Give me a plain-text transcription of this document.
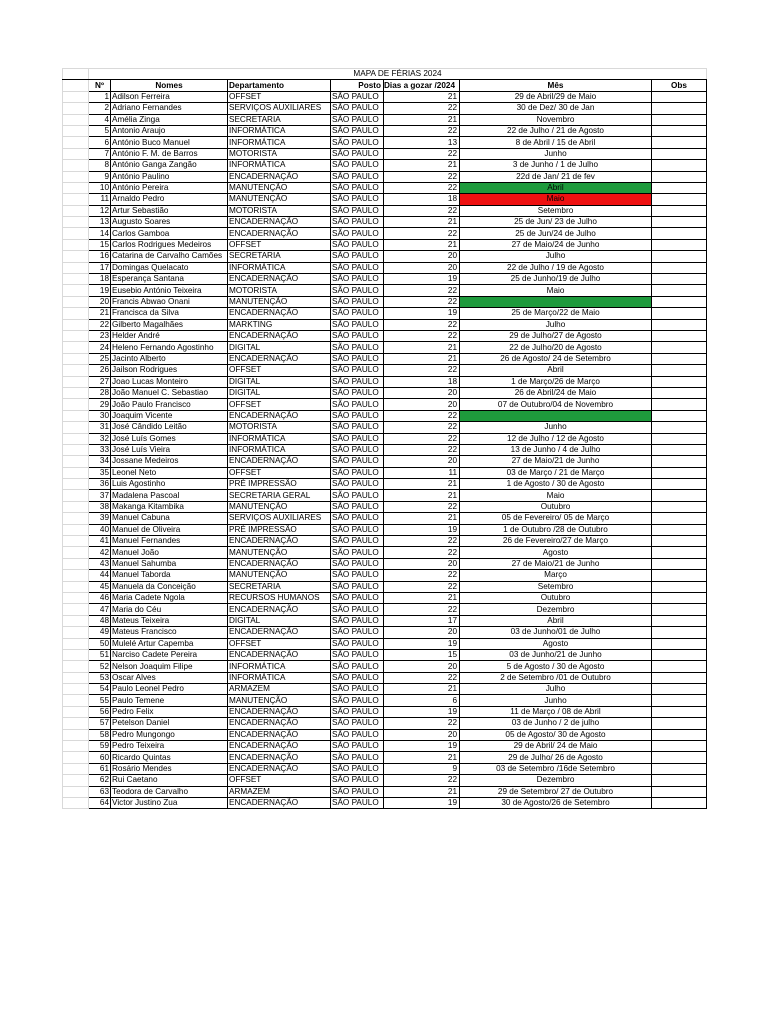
	MAPA DE FÉRIAS 2024						
	Nº	Nomes	Departamento	Posto	Dias a gozar /2024	Mês	Obs
	1	Adilson Ferreira	OFFSET	SÃO PAULO	21	29 de Abril/29 de Maio	
	2	Adriano Fernandes	SERVIÇOS AUXILIARES	SÃO PAULO	22	30 de Dez/ 30 de Jan	
	4	Amélia Zinga	SECRETARIA	SÃO PAULO	21	Novembro	
	5	Antonio Araujo	INFORMÁTICA	SÃO PAULO	22	22 de Julho / 21 de Agosto	
	6	António Buco Manuel	INFORMÁTICA	SÃO PAULO	13	8 de Abril / 15 de Abril	
	7	António F. M. de Barros	MOTORISTA	SÃO PAULO	22	Junho	
	8	António Ganga Zangão	INFORMÁTICA	SÃO PAULO	21	3 de Junho / 1 de Julho	
	9	António Paulino	ENCADERNAÇÃO	SÃO PAULO	22	22d de Jan/ 21 de fev	
	10	António Pereira	MANUTENÇÃO	SÃO PAULO	22	Abril	
	11	Arnaldo Pedro	MANUTENÇÃO	SÃO PAULO	18	Maio	
	12	Artur Sebastião	MOTORISTA	SÃO PAULO	22	Setembro	
	13	Augusto Soares	ENCADERNAÇÃO	SÃO PAULO	21	25 de Jun/ 23 de Julho	
	14	Carlos Gamboa	ENCADERNAÇÃO	SÃO PAULO	22	25 de Jun/24 de Julho	
	15	Carlos Rodrigues Medeiros	OFFSET	SÃO PAULO	21	27 de Maio/24 de Junho	
	16	Catarina de Carvalho Camões	SECRETARIA	SÃO PAULO	20	Julho	
	17	Domingas Quelacato	INFORMÁTICA	SÃO PAULO	20	22 de Julho / 19 de Agosto	
	18	Esperança Santana	ENCADERNAÇÃO	SÃO PAULO	19	25 de Junho/19 de Julho	
	19	Eusebio António Teixeira	MOTORISTA	SÃO PAULO	22	Maio	
	20	Francis Abwao Onani	MANUTENÇÃO	SÃO PAULO	22		
	21	Francisca da Silva	ENCADERNAÇÃO	SÃO PAULO	19	25 de Março/22 de Maio	
	22	Gilberto Magalhães	MARKTING	SÃO PAULO	22	Julho	
	23	Helder André	ENCADERNAÇÃO	SÃO PAULO	22	29 de Julho/27 de Agosto	
	24	Heleno Fernando Agostinho	DIGITAL	SÃO PAULO	21	22 de Julho/20 de Agosto	
	25	Jacinto Alberto	ENCADERNAÇÃO	SÃO PAULO	21	26 de Agosto/ 24 de Setembro	
	26	Jailson Rodrigues	OFFSET	SÃO PAULO	22	Abril	
	27	Joao Lucas Monteiro	DIGITAL	SÃO PAULO	18	1 de Março/26 de Março	
	28	João Manuel C. Sebastiao	DIGITAL	SÃO PAULO	20	26 de Abril/24 de Maio	
	29	João Paulo Francisco	OFFSET	SÃO PAULO	20	07 de Outubro/04 de Novembro	
	30	Joaquim Vicente	ENCADERNAÇÃO	SÃO PAULO	22		
	31	José Cândido Leitão	MOTORISTA	SÃO PAULO	22	Junho	
	32	José Luís Gomes	INFORMÁTICA	SÃO PAULO	22	12 de Julho / 12 de Agosto	
	33	José Luís Vieira	INFORMÁTICA	SÃO PAULO	22	13 de Junho / 4 de Julho	
	34	Jossane Medeiros	ENCADERNAÇÃO	SÃO PAULO	20	27 de Maio/21 de Junho	
	35	Leonel Neto	OFFSET	SÃO PAULO	11	03 de Março / 21 de Março	
	36	Luis Agostinho	PRÉ IMPRESSÃO	SÃO PAULO	21	1 de Agosto / 30 de Agosto	
	37	Madalena Pascoal	SECRETARIA GERAL	SÃO PAULO	21	Maio	
	38	Makanga Kitambika	MANUTENÇÃO	SÃO PAULO	22	Outubro	
	39	Manuel Cabuna	SERVIÇOS AUXILIARES	SÃO PAULO	21	05 de Fevereiro/ 05 de Março	
	40	Manuel de Oliveira	PRÉ IMPRESSÃO	SÃO PAULO	19	1 de Outubro /28 de Outubro	
	41	Manuel Fernandes	ENCADERNAÇÃO	SÃO PAULO	22	26 de Fevereiro/27 de Março	
	42	Manuel João	MANUTENÇÃO	SÃO PAULO	22	Agosto	
	43	Manuel Sahumba	ENCADERNAÇÃO	SÃO PAULO	20	27 de Maio/21 de Junho	
	44	Manuel Taborda	MANUTENÇÃO	SÃO PAULO	22	Março	
	45	Manuela da Conceição	SECRETARIA	SÃO PAULO	22	Setembro	
	46	Maria Cadete Ngola	RECURSOS HUMANOS	SÃO PAULO	21	Outubro	
	47	Maria do Céu	ENCADERNAÇÃO	SÃO PAULO	22	Dezembro	
	48	Mateus Teixeira	DIGITAL	SÃO PAULO	17	Abril	
	49	Mateus Francisco	ENCADERNAÇÃO	SÃO PAULO	20	03 de Junho/01 de Julho	
	50	Mulelé Artur Capemba	OFFSET	SÃO PAULO	19	Agosto	
	51	Narciso Cadete Pereira	ENCADERNAÇÃO	SÃO PAULO	15	03 de Junho/21 de Junho	
	52	Nelson Joaquim Filipe	INFORMÁTICA	SÃO PAULO	20	5 de Agosto / 30 de Agosto	
	53	Oscar Alves	INFORMÁTICA	SÃO PAULO	22	2 de Setembro /01 de Outubro	
	54	Paulo Leonel Pedro	ARMAZEM	SÃO PAULO	21	Julho	
	55	Paulo Temene	MANUTENÇÃO	SÃO PAULO	6	Junho	
	56	Pedro Felix	ENCADERNAÇÃO	SÃO PAULO	19	11 de Março / 08 de Abril	
	57	Petelson Daniel	ENCADERNAÇÃO	SÃO PAULO	22	03 de Junho / 2 de julho	
	58	Pedro Mungongo	ENCADERNAÇÃO	SÃO PAULO	20	05 de Agosto/ 30 de Agosto	
	59	Pedro Teixeira	ENCADERNAÇÃO	SÃO PAULO	19	29 de Abril/ 24 de Maio	
	60	Ricardo Quintas	ENCADERNAÇÃO	SÃO PAULO	21	29 de Julho/ 26 de Agosto	
	61	Rosário Mendes	ENCADERNAÇÃO	SÃO PAULO	9	03 de Setembro /16de Setembro	
	62	Rui Caetano	OFFSET	SÃO PAULO	22	Dezembro	
	63	Teodora de Carvalho	ARMAZEM	SÃO PAULO	21	29 de Setembro/ 27 de Outubro	
	64	Victor Justino Zua	ENCADERNAÇÃO	SÃO PAULO	19	30 de Agosto/26 de Setembro	
